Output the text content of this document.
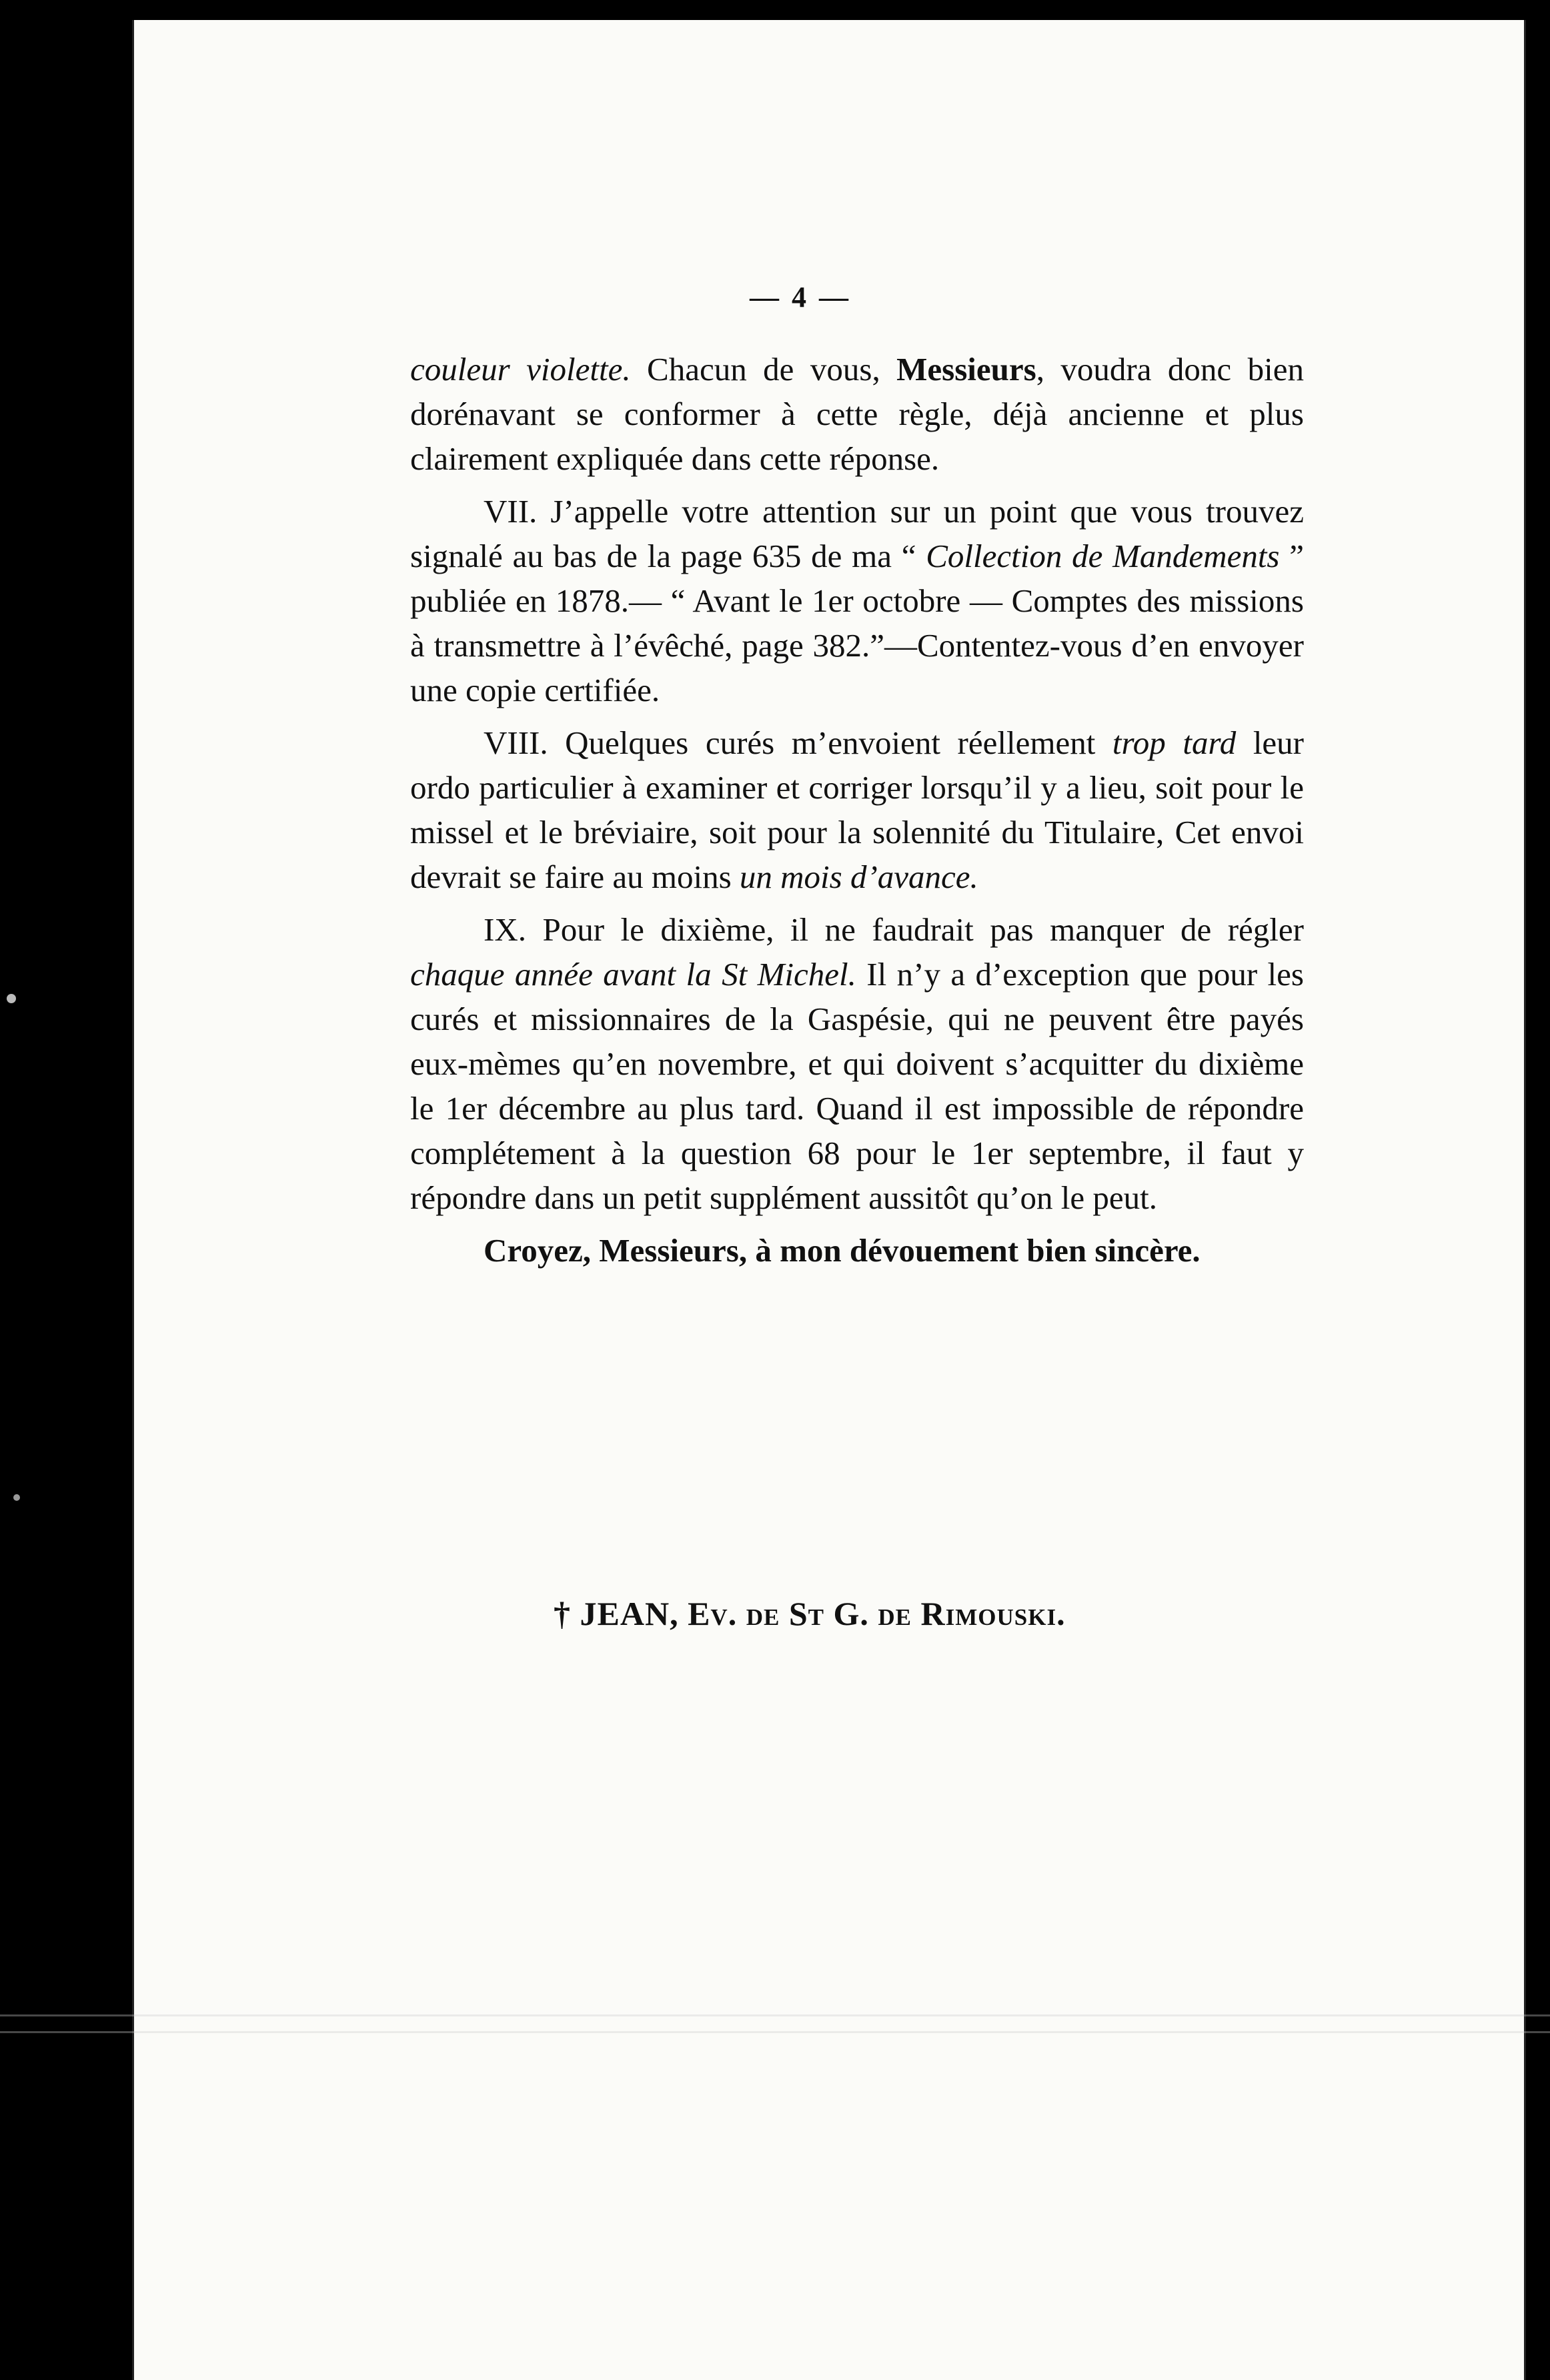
— 4 —

couleur violette. Chacun de vous, Messieurs, voudra donc bien dorénavant se conformer à cette règle, déjà ancienne et plus clairement expliquée dans cette réponse.

VII. J’appelle votre attention sur un point que vous trouvez signalé au bas de la page 635 de ma “ Collection de Mandements ” publiée en 1878.— “ Avant le 1er octobre — Comptes des missions à transmettre à l’évêché, page 382.”—Contentez-vous d’en envoyer une copie certifiée.

VIII. Quelques curés m’envoient réellement trop tard leur ordo particulier à examiner et corriger lorsqu’il y a lieu, soit pour le missel et le bréviaire, soit pour la solennité du Titulaire, Cet envoi devrait se faire au moins un mois d’avance.

IX. Pour le dixième, il ne faudrait pas manquer de régler chaque année avant la St Michel. Il n’y a d’exception que pour les curés et missionnaires de la Gaspésie, qui ne peuvent être payés eux-mèmes qu’en novembre, et qui doivent s’acquitter du dixième le 1er décembre au plus tard. Quand il est impossible de répondre complétement à la question 68 pour le 1er septembre, il faut y répondre dans un petit supplément aussitôt qu’on le peut.

Croyez, Messieurs, à mon dévouement bien sincère.

† JEAN, Ev. de St G. de Rimouski.
